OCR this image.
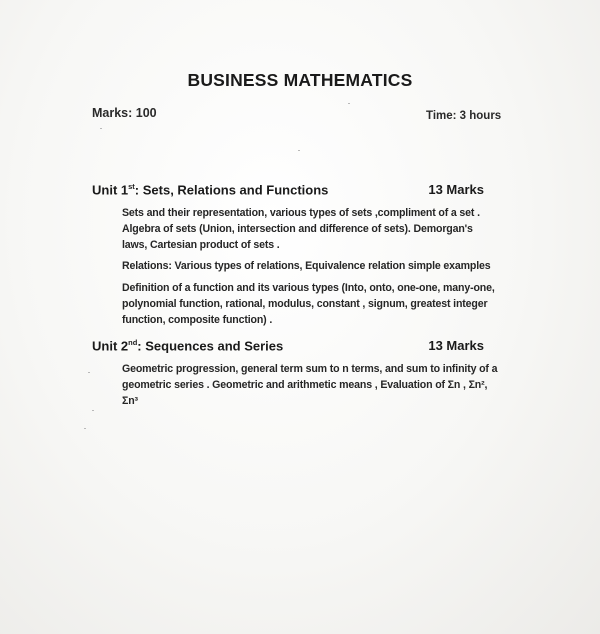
BUSINESS MATHEMATICS
Marks: 100	Time: 3 hours
Unit 1st: Sets, Relations and Functions	13 Marks
Sets and their representation, various types of sets ,compliment of a set . Algebra of sets (Union, intersection and difference of sets). Demorgan's laws, Cartesian product of sets .
Relations: Various types of relations, Equivalence relation simple examples
Definition of a function and its various types (Into, onto, one-one, many-one, polynomial function, rational, modulus, constant , signum, greatest integer function, composite function) .
Unit 2nd: Sequences and Series	13 Marks
Geometric progression, general term sum to n terms, and sum to infinity of a geometric series . Geometric and arithmetic means , Evaluation of Σn , Σn², Σn³
